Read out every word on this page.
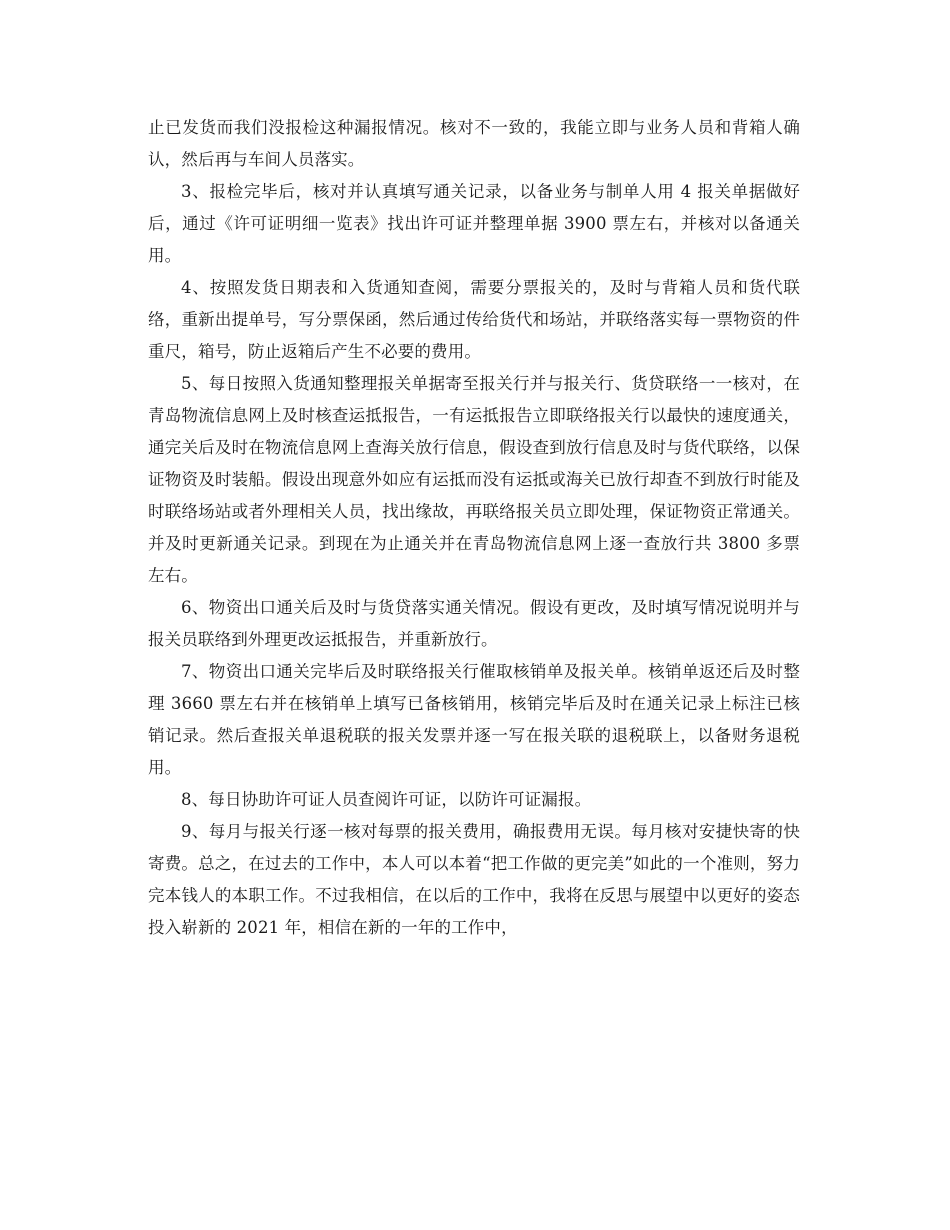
止已发货而我们没报检这种漏报情况。核对不一致的，我能立即与业务人员和背箱人确认，然后再与车间人员落实。

3、报检完毕后，核对并认真填写通关记录，以备业务与制单人用 4 报关单据做好后，通过《许可证明细一览表》找出许可证并整理单据 3900 票左右，并核对以备通关用。

4、按照发货日期表和入货通知查阅，需要分票报关的，及时与背箱人员和货代联络，重新出提单号，写分票保函，然后通过传给货代和场站，并联络落实每一票物资的件重尺，箱号，防止返箱后产生不必要的费用。

5、每日按照入货通知整理报关单据寄至报关行并与报关行、货贷联络一一核对，在青岛物流信息网上及时核查运抵报告，一有运抵报告立即联络报关行以最快的速度通关，通完关后及时在物流信息网上查海关放行信息，假设查到放行信息及时与货代联络，以保证物资及时装船。假设出现意外如应有运抵而没有运抵或海关已放行却查不到放行时能及时联络场站或者外理相关人员，找出缘故，再联络报关员立即处理，保证物资正常通关。并及时更新通关记录。到现在为止通关并在青岛物流信息网上逐一查放行共 3800 多票左右。

6、物资出口通关后及时与货贷落实通关情况。假设有更改，及时填写情况说明并与报关员联络到外理更改运抵报告，并重新放行。

7、物资出口通关完毕后及时联络报关行催取核销单及报关单。核销单返还后及时整理 3660 票左右并在核销单上填写已备核销用，核销完毕后及时在通关记录上标注已核销记录。然后查报关单退税联的报关发票并逐一写在报关联的退税联上，以备财务退税用。

8、每日协助许可证人员查阅许可证，以防许可证漏报。

9、每月与报关行逐一核对每票的报关费用，确报费用无误。每月核对安捷快寄的快寄费。总之，在过去的工作中，本人可以本着“把工作做的更完美”如此的一个准则，努力完本钱人的本职工作。不过我相信，在以后的工作中，我将在反思与展望中以更好的姿态投入崭新的 2021 年，相信在新的一年的工作中，
